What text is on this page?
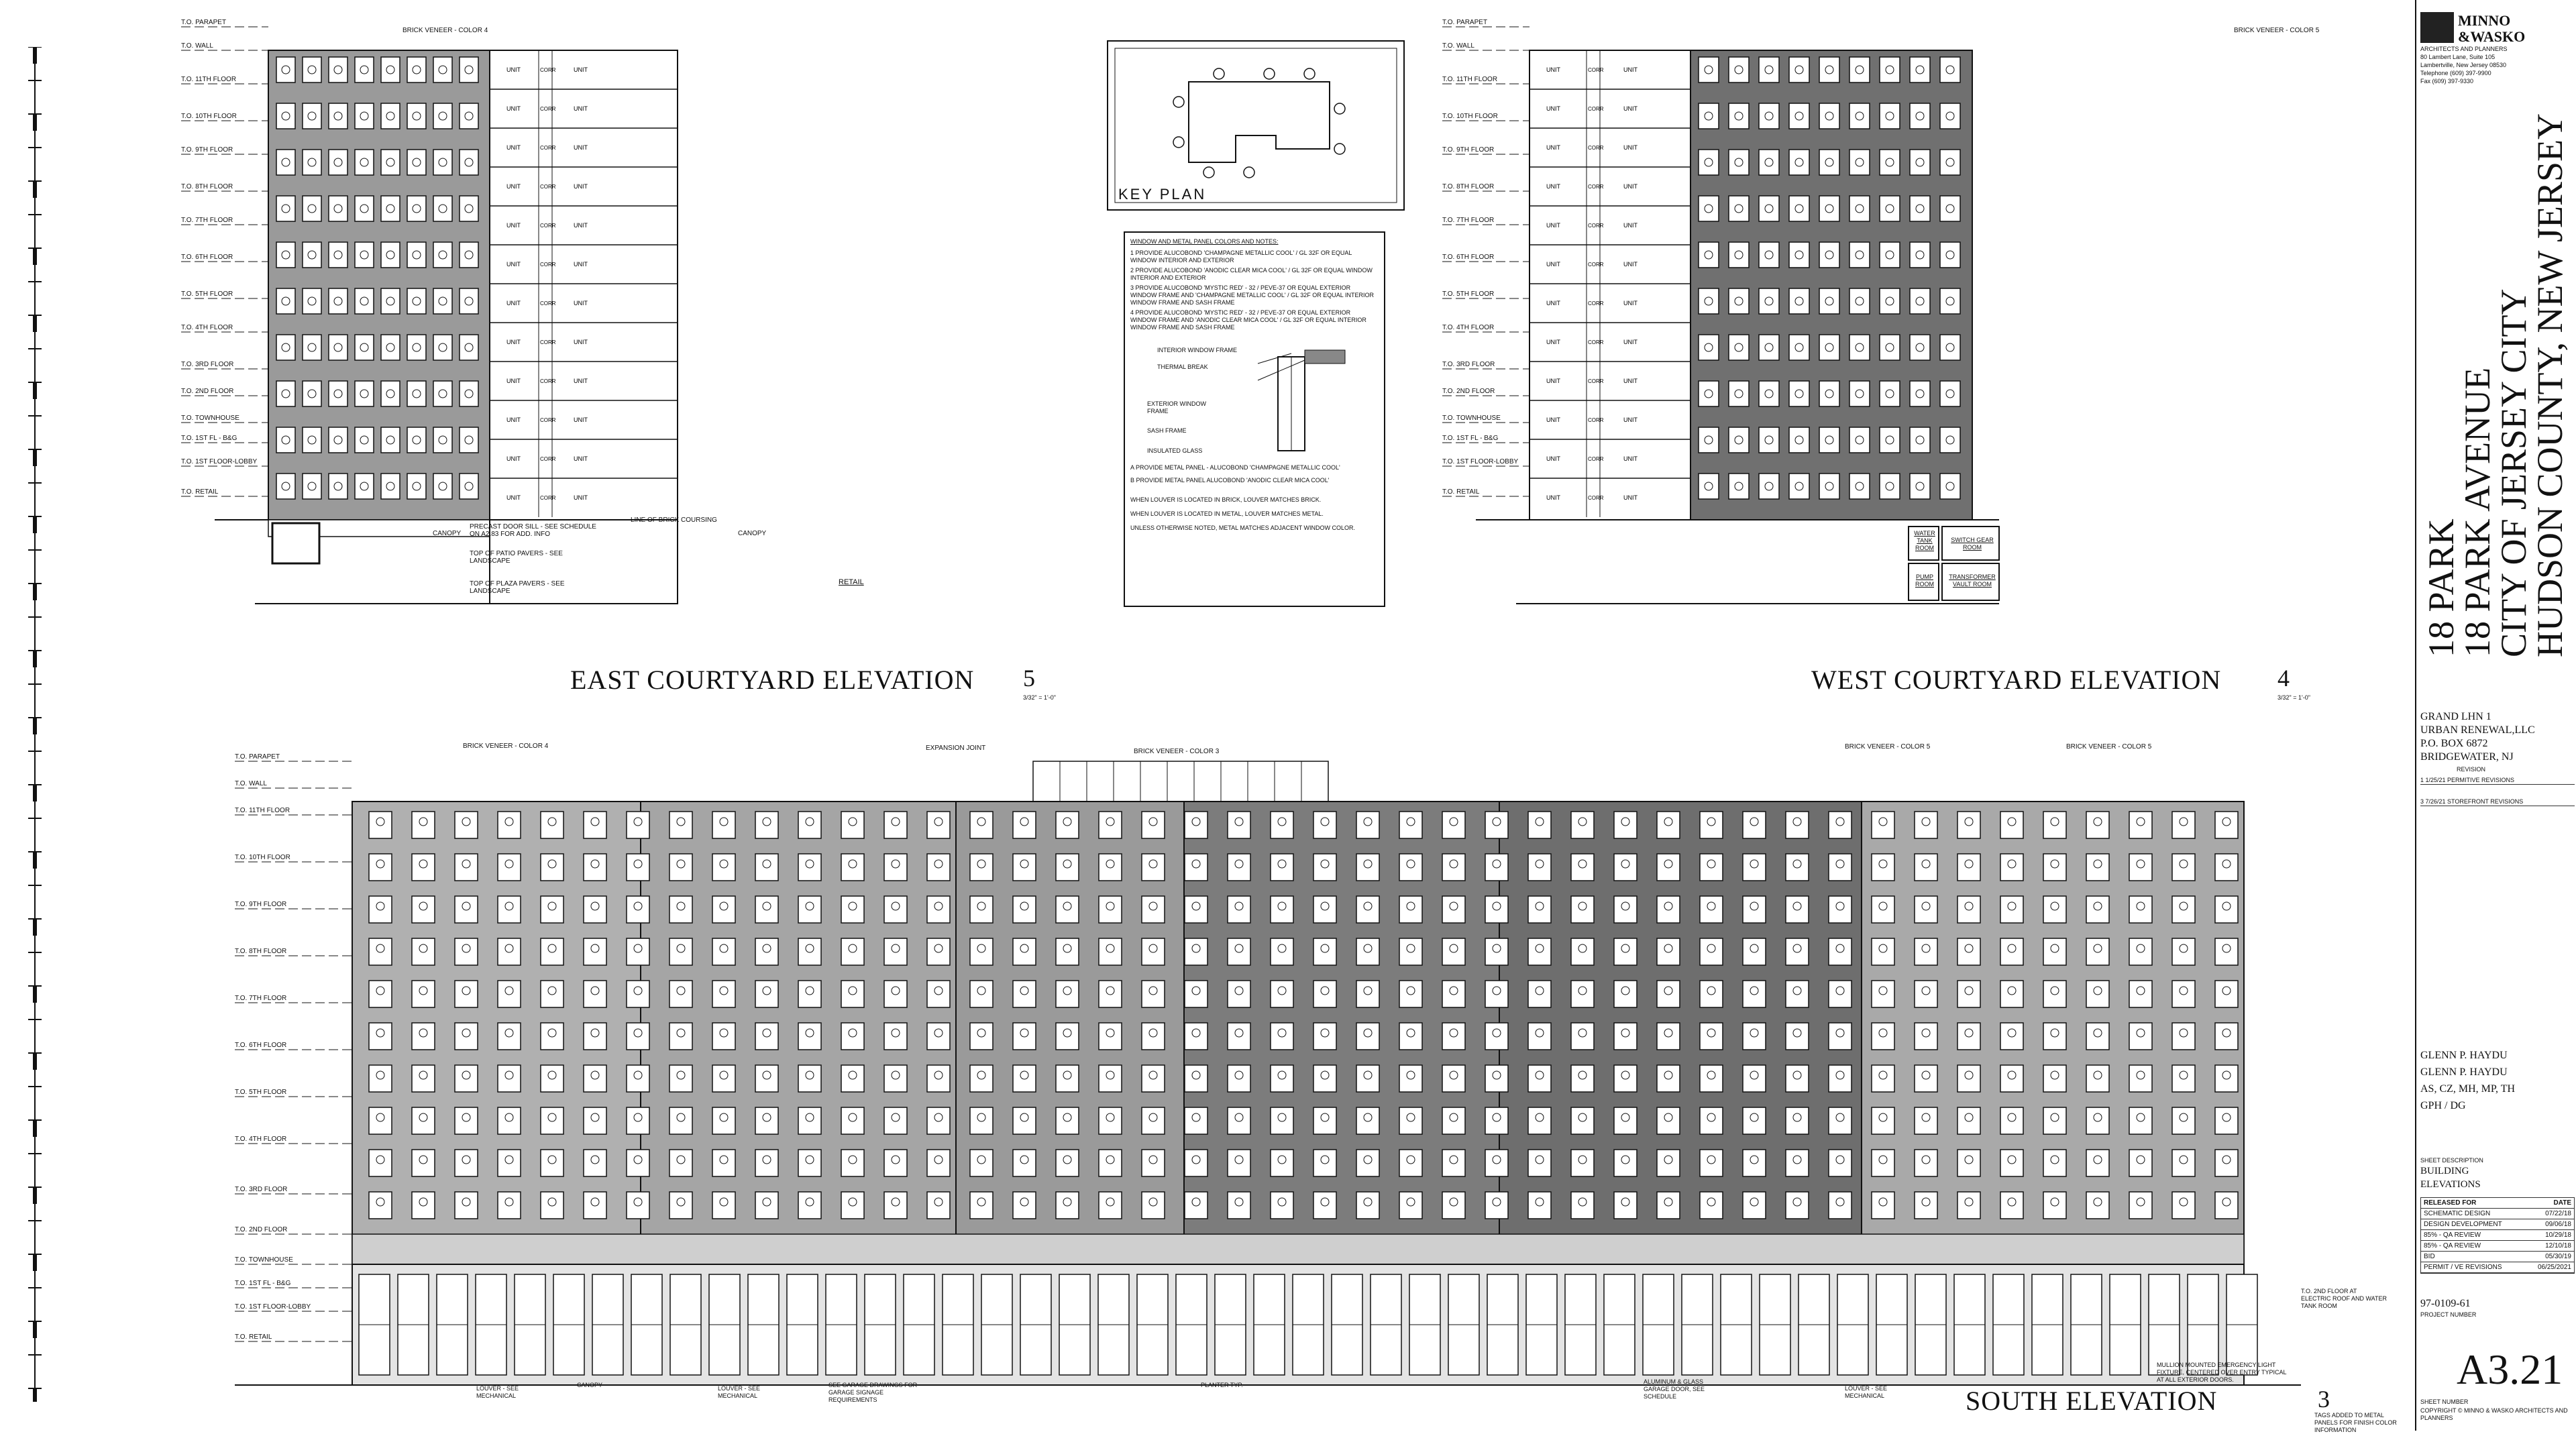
T.O. PARAPET
T.O. WALL
T.O. 11TH FLOOR
T.O. 10TH FLOOR
T.O. 9TH FLOOR
T.O. 8TH FLOOR
T.O. 7TH FLOOR
T.O. 6TH FLOOR
T.O. 5TH FLOOR
T.O. 4TH FLOOR
T.O. 3RD FLOOR
T.O. 2ND FLOOR
T.O. TOWNHOUSE
T.O. 1ST FL - B&G
T.O. 1ST FLOOR-LOBBY
T.O. RETAIL
UNIT	CORR	UNIT
UNIT	CORR	UNIT
UNIT	CORR	UNIT
UNIT	CORR	UNIT
UNIT	CORR	UNIT
UNIT	CORR	UNIT
UNIT	CORR	UNIT
UNIT	CORR	UNIT
UNIT	CORR	UNIT
UNIT	CORR	UNIT
UNIT	CORR	UNIT
UNIT	CORR	UNIT
BRICK VENEER - COLOR 4
CANOPY	CANOPY
PRECAST DOOR SILL - SEE SCHEDULE ON A2.83 FOR ADD. INFO
TOP OF PATIO PAVERS - SEE LANDSCAPE
TOP OF PLAZA PAVERS - SEE LANDSCAPE
LINE OF BRICK COURSING
RETAIL
EAST COURTYARD ELEVATION 5
3/32" = 1'-0"
KEY PLAN
WINDOW AND METAL PANEL COLORS AND NOTES:
1 PROVIDE ALUCOBOND 'CHAMPAGNE METALLIC COOL' / GL 32F OR EQUAL WINDOW INTERIOR AND EXTERIOR
2 PROVIDE ALUCOBOND 'ANODIC CLEAR MICA COOL' / GL 32F OR EQUAL WINDOW INTERIOR AND EXTERIOR
3 PROVIDE ALUCOBOND 'MYSTIC RED' - 32 / PEVE-37 OR EQUAL EXTERIOR WINDOW FRAME AND 'CHAMPAGNE METALLIC COOL' / GL 32F OR EQUAL INTERIOR WINDOW FRAME AND SASH FRAME
4 PROVIDE ALUCOBOND 'MYSTIC RED' - 32 / PEVE-37 OR EQUAL EXTERIOR WINDOW FRAME AND 'ANODIC CLEAR MICA COOL' / GL 32F OR EQUAL INTERIOR WINDOW FRAME AND SASH FRAME
INTERIOR WINDOW FRAME
THERMAL BREAK
EXTERIOR WINDOW FRAME
SASH FRAME
INSULATED GLASS
A PROVIDE METAL PANEL - ALUCOBOND 'CHAMPAGNE METALLIC COOL'
B PROVIDE METAL PANEL ALUCOBOND 'ANODIC CLEAR MICA COOL'
WHEN LOUVER IS LOCATED IN BRICK, LOUVER MATCHES BRICK.
WHEN LOUVER IS LOCATED IN METAL, LOUVER MATCHES METAL.
UNLESS OTHERWISE NOTED, METAL MATCHES ADJACENT WINDOW COLOR.
T.O. PARAPET
T.O. WALL
T.O. 11TH FLOOR
T.O. 10TH FLOOR
T.O. 9TH FLOOR
T.O. 8TH FLOOR
T.O. 7TH FLOOR
T.O. 6TH FLOOR
T.O. 5TH FLOOR
T.O. 4TH FLOOR
T.O. 3RD FLOOR
T.O. 2ND FLOOR
T.O. TOWNHOUSE
T.O. 1ST FL - B&G
T.O. 1ST FLOOR-LOBBY
T.O. RETAIL
UNIT	CORR	UNIT
UNIT	CORR	UNIT
UNIT	CORR	UNIT
UNIT	CORR	UNIT
UNIT	CORR	UNIT
UNIT	CORR	UNIT
UNIT	CORR	UNIT
UNIT	CORR	UNIT
UNIT	CORR	UNIT
UNIT	CORR	UNIT
UNIT	CORR	UNIT
UNIT	CORR	UNIT
BRICK VENEER - COLOR 5
WATER TANK ROOM
SWITCH GEAR ROOM
PUMP ROOM
TRANSFORMER VAULT ROOM
WEST COURTYARD ELEVATION 4
3/32" = 1'-0"
T.O. PARAPET
T.O. WALL
T.O. 11TH FLOOR
T.O. 10TH FLOOR
T.O. 9TH FLOOR
T.O. 8TH FLOOR
T.O. 7TH FLOOR
T.O. 6TH FLOOR
T.O. 5TH FLOOR
T.O. 4TH FLOOR
T.O. 3RD FLOOR
T.O. 2ND FLOOR
T.O. TOWNHOUSE
T.O. 1ST FL - B&G
T.O. 1ST FLOOR-LOBBY
T.O. RETAIL
BRICK VENEER - COLOR 4	EXPANSION JOINT	BRICK VENEER - COLOR 3
BRICK VENEER - COLOR 5	BRICK VENEER - COLOR 5
LOUVER - SEE MECHANICAL
CANOPY	LOUVER - SEE MECHANICAL
SEE GARAGE DRAWINGS FOR GARAGE SIGNAGE REQUIREMENTS
PLANTER TYP.	ALUMINUM & GLASS GARAGE DOOR, SEE SCHEDULE
LOUVER - SEE MECHANICAL
MULLION MOUNTED EMERGENCY LIGHT FIXTURE, CENTERED OVER ENTRY TYPICAL AT ALL EXTERIOR DOORS.
TAGS ADDED TO METAL PANELS FOR FINISH COLOR INFORMATION
T.O. 2ND FLOOR AT ELECTRIC ROOF AND WATER TANK ROOM
SOUTH ELEVATION	3
MINNO
&WASKO
ARCHITECTS AND PLANNERS
80 Lambert Lane, Suite 105
Lambertville, New Jersey 08530
Telephone (609) 397-9900
Fax (609) 397-9330
18 PARK
18 PARK AVENUE
CITY OF JERSEY CITY
HUDSON COUNTY, NEW JERSEY
GRAND LHN 1
URBAN RENEWAL,LLC
P.O. BOX 6872
BRIDGEWATER, NJ
REVISION
1 1/25/21 PERMITIVE REVISIONS
3 7/26/21 STOREFRONT REVISIONS
GLENN P. HAYDU
GLENN P. HAYDU
AS, CZ, MH, MP, TH
GPH / DG
SHEET DESCRIPTION
BUILDING
ELEVATIONS
RELEASED FOR	DATE
SCHEMATIC DESIGN	07/22/18
DESIGN DEVELOPMENT	09/06/18
85% - QA REVIEW	10/29/18
85% - QA REVIEW	12/10/18
BID	05/30/19
PERMIT / VE REVISIONS	06/25/2021
97-0109-61
PROJECT NUMBER
A3.21
SHEET NUMBER
COPYRIGHT © MINNO & WASKO ARCHITECTS AND PLANNERS
